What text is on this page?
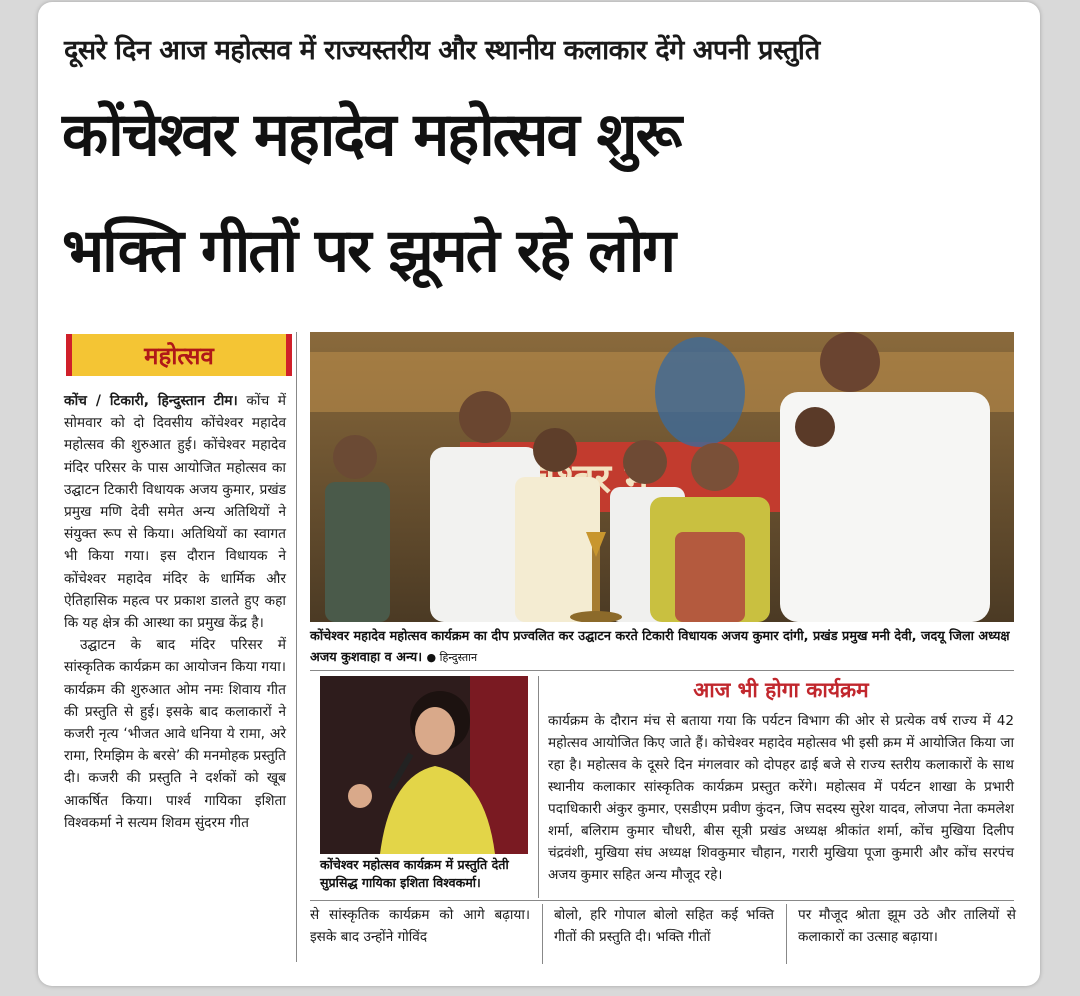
दूसरे दिन आज महोत्सव में राज्यस्तरीय और स्थानीय कलाकार देंगे अपनी प्रस्तुति
कोंचेश्वर महादेव महोत्सव शुरू
भक्ति गीतों पर झूमते रहे लोग
महोत्सव

कोंच / टिकारी, हिन्दुस्तान टीम। कोंच में सोमवार को दो दिवसीय कोंचेश्वर महादेव महोत्सव की शुरुआत हुई। कोंचेश्वर महादेव मंदिर परिसर के पास आयोजित महोत्सव का उद्घाटन टिकारी विधायक अजय कुमार, प्रखंड प्रमुख मणि देवी समेत अन्य अतिथियों ने संयुक्त रूप से किया। अतिथियों का स्वागत भी किया गया। इस दौरान विधायक ने कोंचेश्वर महादेव मंदिर के धार्मिक और ऐतिहासिक महत्व पर प्रकाश डालते हुए कहा कि यह क्षेत्र की आस्था का प्रमुख केंद्र है।

उद्घाटन के बाद मंदिर परिसर में सांस्कृतिक कार्यक्रम का आयोजन किया गया। कार्यक्रम की शुरुआत ओम नमः शिवाय गीत की प्रस्तुति से हुई। इसके बाद कलाकारों ने कजरी नृत्य ‘भीजत आवे धनिया ये रामा, अरे रामा, रिमझिम के बरसे’ की मनमोहक प्रस्तुति दी। कजरी की प्रस्तुति ने दर्शकों को खूब आकर्षित किया। पार्श्व गायिका इशिता विश्वकर्मा ने सत्यम शिवम सुंदरम गीत

कोंचेश्वर महादेव महोत्सव कार्यक्रम का दीप प्रज्वलित कर उद्घाटन करते टिकारी विधायक अजय कुमार दांगी, प्रखंड प्रमुख मनी देवी, जदयू जिला अध्यक्ष अजय कुशवाहा व अन्य। ● हिन्दुस्तान
कोंचेश्वर महोत्सव कार्यक्रम में प्रस्तुति देती सुप्रसिद्ध गायिका इशिता विश्वकर्मा।
आज भी होगा कार्यक्रम
कार्यक्रम के दौरान मंच से बताया गया कि पर्यटन विभाग की ओर से प्रत्येक वर्ष राज्य में 42 महोत्सव आयोजित किए जाते हैं। कोचेश्वर महादेव महोत्सव भी इसी क्रम में आयोजित किया जा रहा है। महोत्सव के दूसरे दिन मंगलवार को दोपहर ढाई बजे से राज्य स्तरीय कलाकारों के साथ स्थानीय कलाकार सांस्कृतिक कार्यक्रम प्रस्तुत करेंगे। महोत्सव में पर्यटन शाखा के प्रभारी पदाधिकारी अंकुर कुमार, एसडीएम प्रवीण कुंदन, जिप सदस्य सुरेश यादव, लोजपा नेता कमलेश शर्मा, बलिराम कुमार चौधरी, बीस सूत्री प्रखंड अध्यक्ष श्रीकांत शर्मा, कोंच मुखिया दिलीप चंद्रवंशी, मुखिया संघ अध्यक्ष शिवकुमार चौहान, गरारी मुखिया पूजा कुमारी और कोंच सरपंच अजय कुमार सहित अन्य मौजूद रहे।
से सांस्कृतिक कार्यक्रम को आगे बढ़ाया। इसके बाद उन्होंने गोविंद
बोलो, हरि गोपाल बोलो सहित कई भक्ति गीतों की प्रस्तुति दी। भक्ति गीतों
पर मौजूद श्रोता झूम उठे और तालियों से कलाकारों का उत्साह बढ़ाया।
